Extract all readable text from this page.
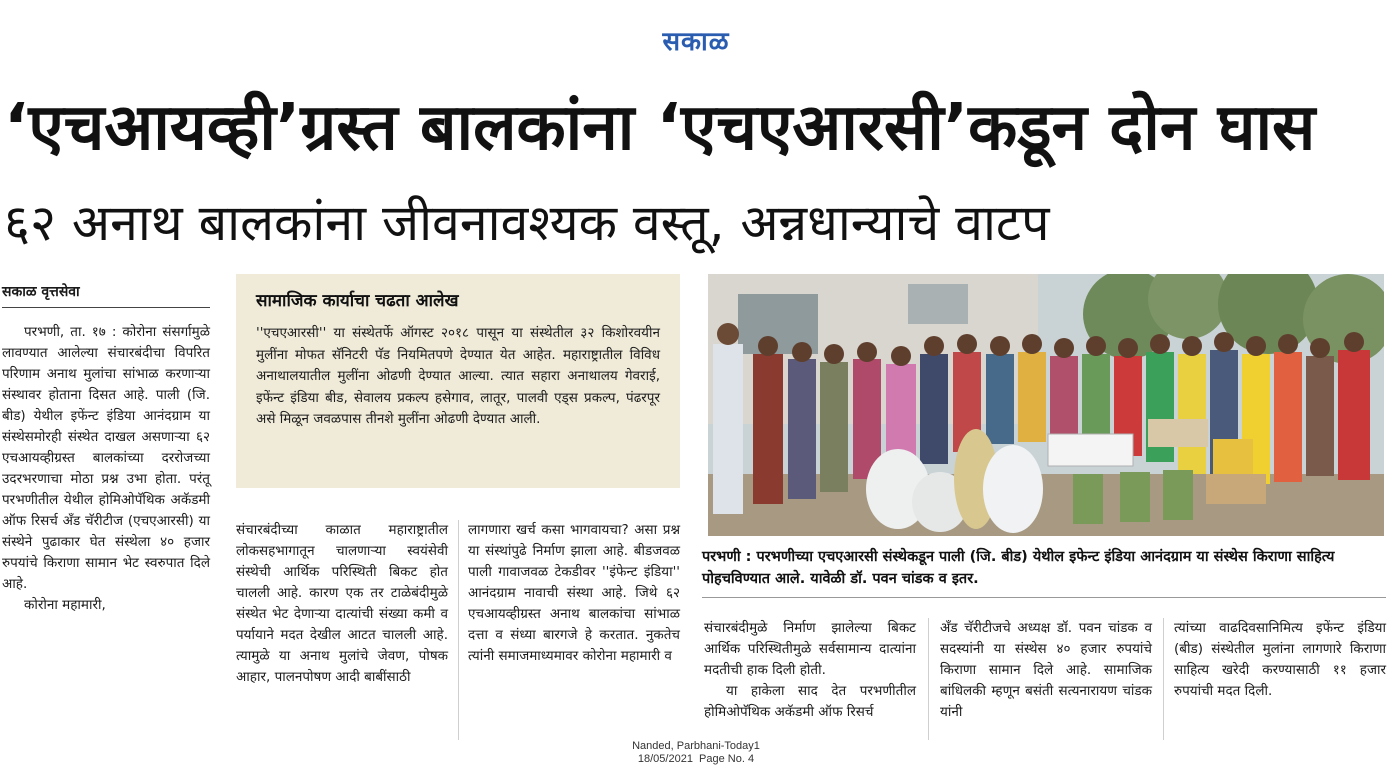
सकाळ
‘एचआयव्ही’ग्रस्त बालकांना ‘एचएआरसी’कडून दोन घास
६२ अनाथ बालकांना जीवनावश्यक वस्तू, अन्नधान्याचे वाटप
सकाळ वृत्तसेवा

परभणी, ता. १७ : कोरोना संसर्गामुळे लावण्यात आलेल्या संचारबंदीचा विपरित परिणाम अनाथ मुलांचा सांभाळ करणाऱ्या संस्थावर होताना दिसत आहे. पाली (जि. बीड) येथील इफेंन्ट इंडिया आनंदग्राम या संस्थेसमोरही संस्थेत दाखल असणाऱ्या ६२ एचआयव्हीग्रस्त बालकांच्या दररोजच्या उदरभरणाचा मोठा प्रश्न उभा होता. परंतू परभणीतील येथील होमिओपॅथिक अकॅडमी ऑफ रिसर्च अँड चॅरीटीज (एचएआरसी) या संस्थेने पुढाकार घेत संस्थेला ४० हजार रुपयांचे किराणा सामान भेट स्वरुपात दिले आहे.

कोरोना महामारी,

सामाजिक कार्याचा चढता आलेख
''एचएआरसी'' या संस्थेतर्फे ऑगस्ट २०१८ पासून या संस्थेतील ३२ किशोरवयीन मुलींना मोफत सॅनिटरी पॅड नियमितपणे देण्यात येत आहेत. महाराष्ट्रातील विविध अनाथालयातील मुलींना ओढणी देण्यात आल्या. त्यात सहारा अनाथालय गेवराई, इफेंन्ट इंडिया बीड, सेवालय प्रकल्प हसेगाव, लातूर, पालवी एड्स प्रकल्प, पंढरपूर असे मिळून जवळपास तीनशे मुलींना ओढणी देण्यात आली.
परभणी : परभणीच्या एचएआरसी संस्थेकडून पाली (जि. बीड) येथील इफेन्ट इंडिया आनंदग्राम या संस्थेस किराणा साहित्य पोहचविण्यात आले. यावेळी डॉ. पवन चांडक व इतर.

संचारबंदीच्या काळात महाराष्ट्रातील लोकसहभागातून चालणाऱ्या स्वयंसेवी संस्थेची आर्थिक परिस्थिती बिकट होत चालली आहे. कारण एक तर टाळेबंदीमुळे संस्थेत भेट देणाऱ्या दात्यांची संख्या कमी व पर्यायाने मदत देखील आटत चालली आहे. त्यामुळे या अनाथ मुलांचे जेवण, पोषक आहार, पालनपोषण आदी बाबींसाठी

लागणारा खर्च कसा भागवायचा? असा प्रश्न या संस्थांपुढे निर्माण झाला आहे. बीडजवळ पाली गावाजवळ टेकडीवर ''इंफेन्ट इंडिया'' आनंदग्राम नावाची संस्था आहे. जिथे ६२ एचआयव्हीग्रस्त अनाथ बालकांचा सांभाळ दत्ता व संध्या बारगजे हे करतात. नुकतेच त्यांनी समाजमाध्यमावर कोरोना महामारी व

संचारबंदीमुळे निर्माण झालेल्या बिकट आर्थिक परिस्थितीमुळे सर्वसामान्य दात्यांना मदतीची हाक दिली होती.

या हाकेला साद देत परभणीतील होमिओपॅथिक अकॅडमी ऑफ रिसर्च

अँड चॅरीटीजचे अध्यक्ष डॉ. पवन चांडक व सदस्यांनी या संस्थेस ४० हजार रुपयांचे किराणा सामान दिले आहे. सामाजिक बांधिलकी म्हणून बसंती सत्यनारायण चांडक यांनी

त्यांच्या वाढदिवसानिमित्य इफेंन्ट इंडिया (बीड) संस्थेतील मुलांना लागणारे किराणा साहित्य खरेदी करण्यासाठी ११ हजार रुपयांची मदत दिली.

Nanded, Parbhani-Today1
18/05/2021  Page No. 4
